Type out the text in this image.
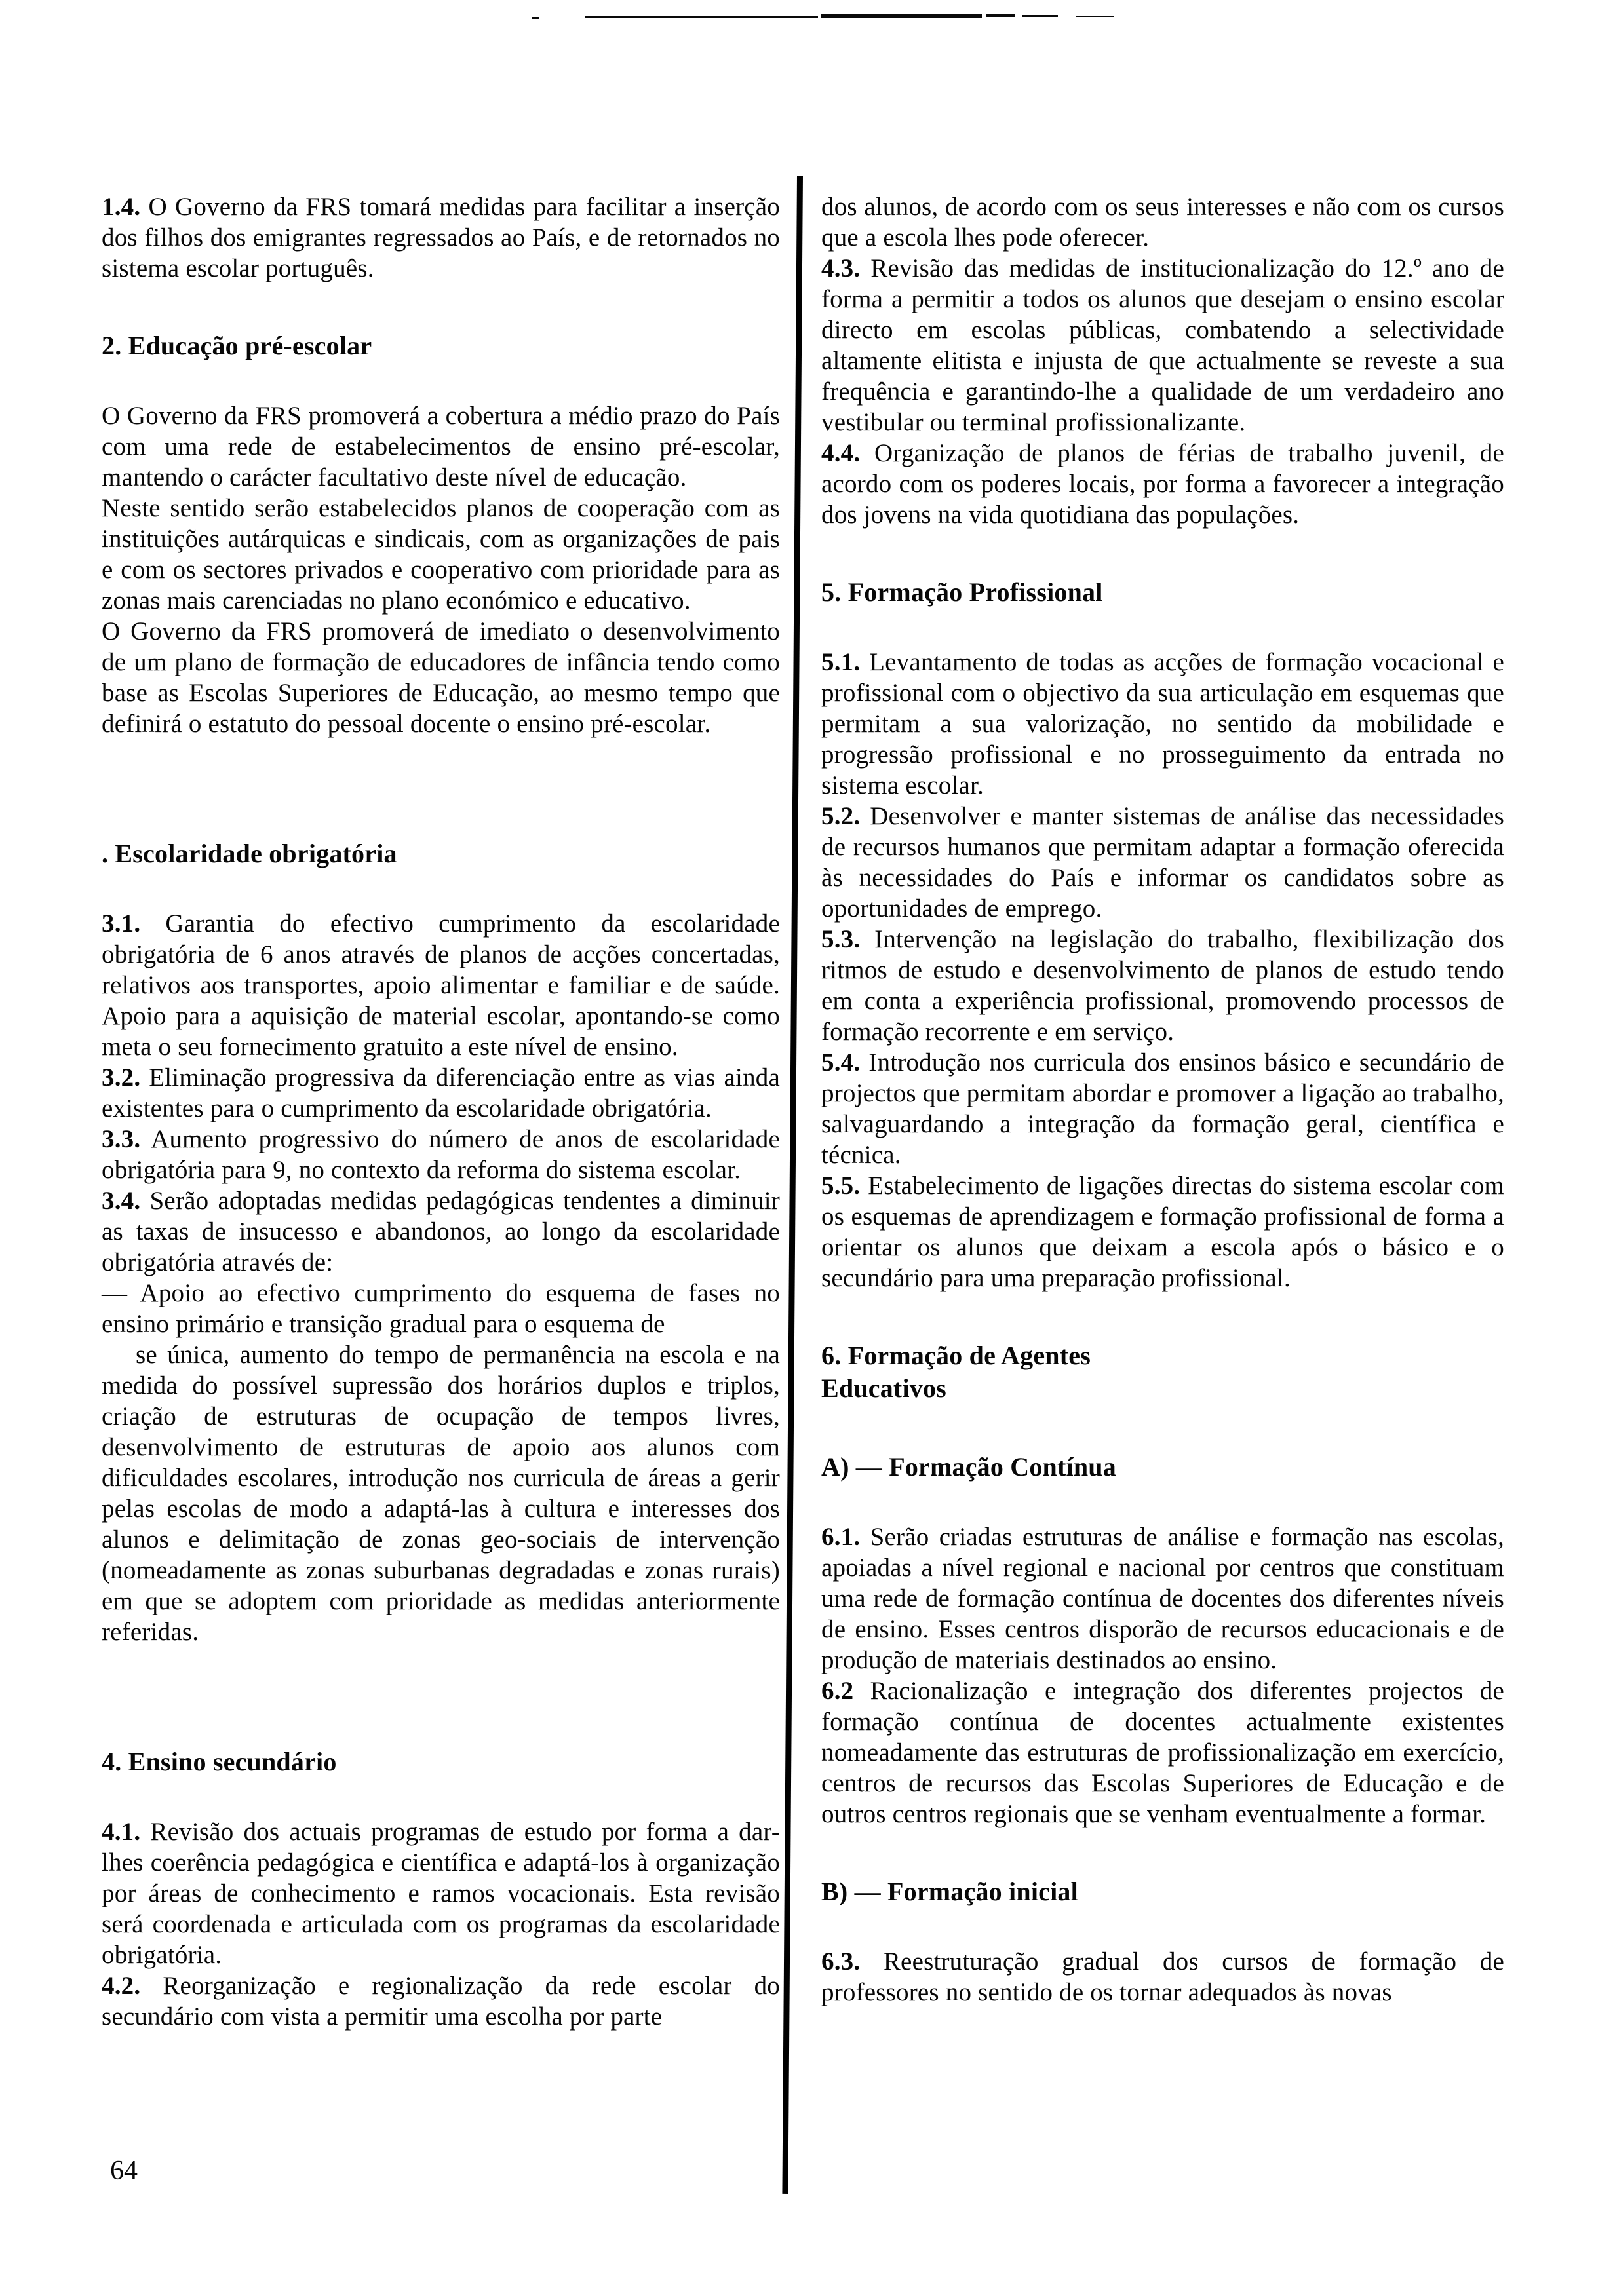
1.4. O Governo da FRS tomará medidas para facilitar a inserção dos filhos dos emigrantes regressados ao País, e de retornados no sistema escolar português.

2. Educação pré-escolar

O Governo da FRS promoverá a cobertura a médio prazo do País com uma rede de estabelecimentos de ensino pré-escolar, mantendo o carácter facultativo deste nível de educação.

Neste sentido serão estabelecidos planos de cooperação com as instituições autárquicas e sindicais, com as organizações de pais e com os sectores privados e cooperativo com prioridade para as zonas mais carenciadas no plano económico e educativo.

O Governo da FRS promoverá de imediato o desenvolvimento de um plano de formação de educadores de infância tendo como base as Escolas Superiores de Educação, ao mesmo tempo que definirá o estatuto do pessoal docente o ensino pré-escolar.

. Escolaridade obrigatória

3.1. Garantia do efectivo cumprimento da escolaridade obrigatória de 6 anos através de planos de acções concertadas, relativos aos transportes, apoio alimentar e familiar e de saúde. Apoio para a aquisição de material escolar, apontando-se como meta o seu fornecimento gratuito a este nível de ensino.

3.2. Eliminação progressiva da diferenciação entre as vias ainda existentes para o cumprimento da escolaridade obrigatória.

3.3. Aumento progressivo do número de anos de escolaridade obrigatória para 9, no contexto da reforma do sistema escolar.

3.4. Serão adoptadas medidas pedagógicas tendentes a diminuir as taxas de insucesso e abandonos, ao longo da escolaridade obrigatória através de:

— Apoio ao efectivo cumprimento do esquema de fases no ensino primário e transição gradual para o esquema de

se única, aumento do tempo de permanência na escola e na medida do possível supressão dos horários duplos e triplos, criação de estruturas de ocupação de tempos livres, desenvolvimento de estruturas de apoio aos alunos com dificuldades escolares, introdução nos curricula de áreas a gerir pelas escolas de modo a adaptá-las à cultura e interesses dos alunos e delimitação de zonas geo-sociais de intervenção (nomeadamente as zonas suburbanas degradadas e zonas rurais) em que se adoptem com prioridade as medidas anteriormente referidas.

4. Ensino secundário

4.1. Revisão dos actuais programas de estudo por forma a dar-lhes coerência pedagógica e científica e adaptá-los à organização por áreas de conhecimento e ramos vocacionais. Esta revisão será coordenada e articulada com os programas da escolaridade obrigatória.

4.2. Reorganização e regionalização da rede escolar do secundário com vista a permitir uma escolha por parte

dos alunos, de acordo com os seus interesses e não com os cursos que a escola lhes pode oferecer.

4.3. Revisão das medidas de institucionalização do 12.º ano de forma a permitir a todos os alunos que desejam o ensino escolar directo em escolas públicas, combatendo a selectividade altamente elitista e injusta de que actualmente se reveste a sua frequência e garantindo-lhe a qualidade de um verdadeiro ano vestibular ou terminal profissionalizante.

4.4. Organização de planos de férias de trabalho juvenil, de acordo com os poderes locais, por forma a favorecer a integração dos jovens na vida quotidiana das populações.

5. Formação Profissional

5.1. Levantamento de todas as acções de formação vocacional e profissional com o objectivo da sua articulação em esquemas que permitam a sua valorização, no sentido da mobilidade e progressão profissional e no prosseguimento da entrada no sistema escolar.

5.2. Desenvolver e manter sistemas de análise das necessidades de recursos humanos que permitam adaptar a formação oferecida às necessidades do País e informar os candidatos sobre as oportunidades de emprego.

5.3. Intervenção na legislação do trabalho, flexibilização dos ritmos de estudo e desenvolvimento de planos de estudo tendo em conta a experiência profissional, promovendo processos de formação recorrente e em serviço.

5.4. Introdução nos curricula dos ensinos básico e secundário de projectos que permitam abordar e promover a ligação ao trabalho, salvaguardando a integração da formação geral, científica e técnica.

5.5. Estabelecimento de ligações directas do sistema escolar com os esquemas de aprendizagem e formação profissional de forma a orientar os alunos que deixam a escola após o básico e o secundário para uma preparação profissional.

6. Formação de Agentes
Educativos

A) — Formação Contínua

6.1. Serão criadas estruturas de análise e formação nas escolas, apoiadas a nível regional e nacional por centros que constituam uma rede de formação contínua de docentes dos diferentes níveis de ensino. Esses centros disporão de recursos educacionais e de produção de materiais destinados ao ensino.

6.2 Racionalização e integração dos diferentes projectos de formação contínua de docentes actualmente existentes nomeadamente das estruturas de profissionalização em exercício, centros de recursos das Escolas Superiores de Educação e de outros centros regionais que se venham eventualmente a formar.

B) — Formação inicial

6.3. Reestruturação gradual dos cursos de formação de professores no sentido de os tornar adequados às novas

64
